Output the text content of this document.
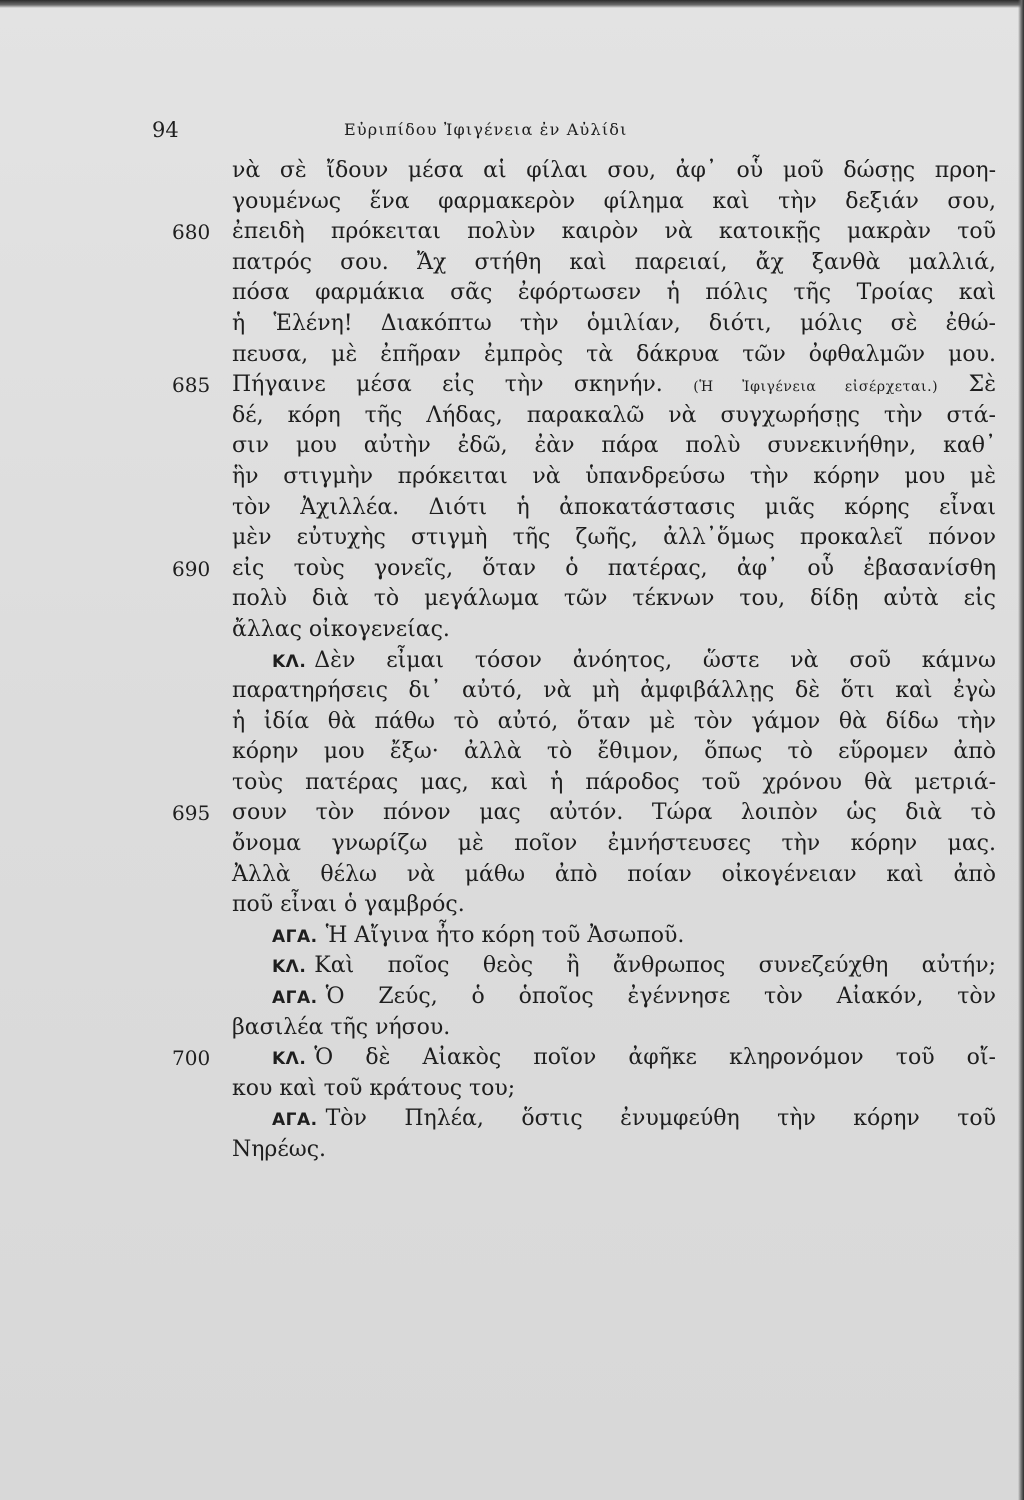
94	Εὐριπίδου Ἰφιγένεια ἐν Αὐλίδι
νὰ σὲ ἴδουν μέσα αἱ φίλαι σου, ἀφ᾿ οὗ μοῦ δώσῃς προη-
γουμένως ἕνα φαρμακερὸν φίλημα καὶ τὴν δεξιάν σου,
680 ἐπειδὴ πρόκειται πολὺν καιρὸν νὰ κατοικῇς μακρὰν τοῦ
πατρός σου. Ἄχ στήθη καὶ παρειαί, ἄχ ξανθὰ μαλλιά,
πόσα φαρμάκια σᾶς ἐφόρτωσεν ἡ πόλις τῆς Τροίας καὶ
ἡ Ἑλένη! Διακόπτω τὴν ὁμιλίαν, διότι, μόλις σὲ ἐθώ-
πευσα, μὲ ἐπῆραν ἐμπρὸς τὰ δάκρυα τῶν ὀφθαλμῶν μου.
685 Πήγαινε μέσα εἰς τὴν σκηνήν. (Ἡ Ἰφιγένεια εἰσέρχεται.) Σὲ
δέ, κόρη τῆς Λήδας, παρακαλῶ νὰ συγχωρήσῃς τὴν στά-
σιν μου αὐτὴν ἐδῶ, ἐὰν πάρα πολὺ συνεκινήθην, καθ᾿
ἣν στιγμὴν πρόκειται νὰ ὑπανδρεύσω τὴν κόρην μου μὲ
τὸν Ἀχιλλέα. Διότι ἡ ἀποκατάστασις μιᾶς κόρης εἶναι
μὲν εὐτυχὴς στιγμὴ τῆς ζωῆς, ἀλλ᾿ὅμως προκαλεῖ πόνον
690 εἰς τοὺς γονεῖς, ὅταν ὁ πατέρας, ἀφ᾿ οὗ ἐβασανίσθη
πολὺ διὰ τὸ μεγάλωμα τῶν τέκνων του, δίδῃ αὐτὰ εἰς
ἄλλας οἰκογενείας.
ΚΛ. Δὲν εἶμαι τόσον ἀνόητος, ὥστε νὰ σοῦ κάμνω
παρατηρήσεις δι᾿ αὐτό, νὰ μὴ ἀμφιβάλλῃς δὲ ὅτι καὶ ἐγὼ
ἡ ἰδία θὰ πάθω τὸ αὐτό, ὅταν μὲ τὸν γάμον θὰ δίδω τὴν
κόρην μου ἔξω· ἀλλὰ τὸ ἔθιμον, ὅπως τὸ εὕρομεν ἀπὸ
τοὺς πατέρας μας, καὶ ἡ πάροδος τοῦ χρόνου θὰ μετριά-
695 σουν τὸν πόνον μας αὐτόν. Τώρα λοιπὸν ὡς διὰ τὸ
ὄνομα γνωρίζω μὲ ποῖον ἐμνήστευσες τὴν κόρην μας.
Ἀλλὰ θέλω νὰ μάθω ἀπὸ ποίαν οἰκογένειαν καὶ ἀπὸ
ποῦ εἶναι ὁ γαμβρός.
ΑΓΑ. Ἡ Αἴγινα ἦτο κόρη τοῦ Ἀσωποῦ.
ΚΛ. Καὶ ποῖος θεὸς ἢ ἄνθρωπος συνεζεύχθη αὐτήν;
ΑΓΑ. Ὁ Ζεύς, ὁ ὁποῖος ἐγέννησε τὸν Αἰακόν, τὸν
βασιλέα τῆς νήσου.
700	ΚΛ. Ὁ δὲ Αἰακὸς ποῖον ἀφῆκε κληρονόμον τοῦ οἴ-
κου καὶ τοῦ κράτους του;
ΑΓΑ. Τὸν Πηλέα, ὅστις ἐνυμφεύθη τὴν κόρην τοῦ
Νηρέως.
